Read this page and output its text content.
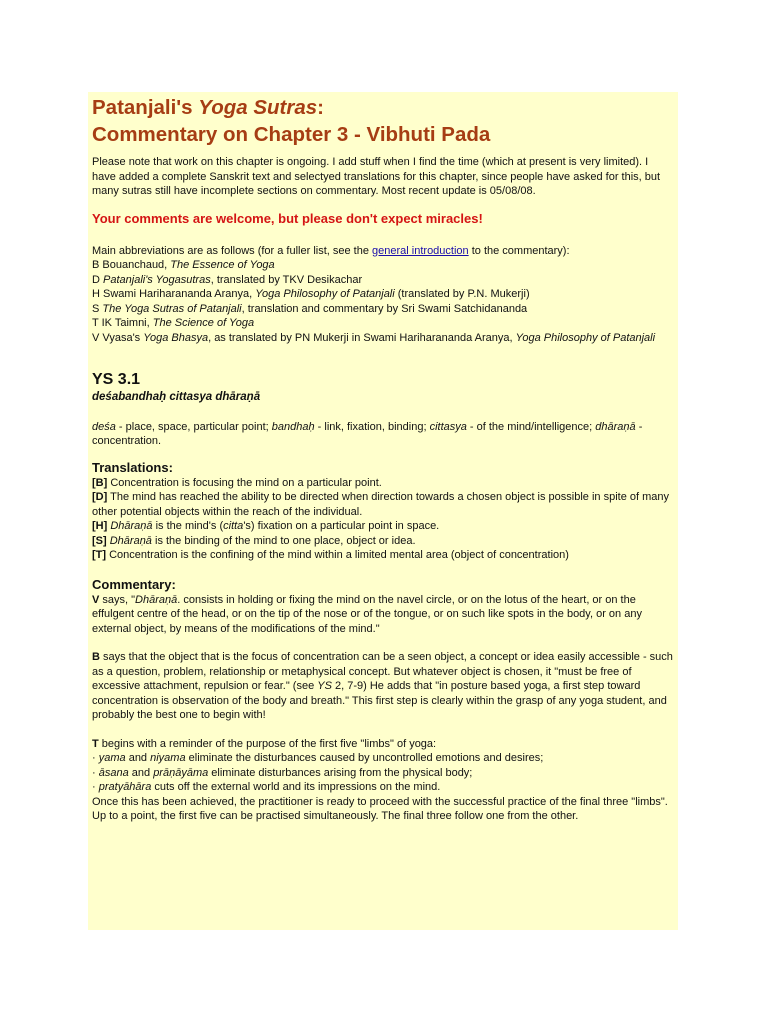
Patanjali's Yoga Sutras:
Commentary on Chapter 3 - Vibhuti Pada

Please note that work on this chapter is ongoing. I add stuff when I find the time (which at present is very limited). I have added a complete Sanskrit text and selectyed translations for this chapter, since people have asked for this, but many sutras still have incomplete sections on commentary. Most recent update is 05/08/08.

Your comments are welcome, but please don't expect miracles!

Main abbreviations are as follows (for a fuller list, see the general introduction to the commentary):
B Bouanchaud, The Essence of Yoga
D Patanjali's Yogasutras, translated by TKV Desikachar
H Swami Hariharananda Aranya, Yoga Philosophy of Patanjali (translated by P.N. Mukerji)
S The Yoga Sutras of Patanjali, translation and commentary by Sri Swami Satchidananda
T IK Taimni, The Science of Yoga
V Vyasa's Yoga Bhasya, as translated by PN Mukerji in Swami Hariharananda Aranya, Yoga Philosophy of Patanjali
YS 3.1
deśabandhaḥ cittasya dhāraṇā

deśa - place, space, particular point; bandhaḥ - link, fixation, binding; cittasya - of the mind/intelligence; dhāraṇā - concentration.

Translations:
[B] Concentration is focusing the mind on a particular point.
[D] The mind has reached the ability to be directed when direction towards a chosen object is possible in spite of many other potential objects within the reach of the individual.
[H] Dhāraṇā is the mind's (citta's) fixation on a particular point in space.
[S] Dhāraṇā is the binding of the mind to one place, object or idea.
[T] Concentration is the confining of the mind within a limited mental area (object of concentration)
Commentary:

V says, "Dhāraṇā. consists in holding or fixing the mind on the navel circle, or on the lotus of the heart, or on the effulgent centre of the head, or on the tip of the nose or of the tongue, or on such like spots in the body, or on any external object, by means of the modifications of the mind."

B says that the object that is the focus of concentration can be a seen object, a concept or idea easily accessible - such as a question, problem, relationship or metaphysical concept. But whatever object is chosen, it "must be free of excessive attachment, repulsion or fear." (see YS 2, 7-9) He adds that "in posture based yoga, a first step toward concentration is observation of the body and breath." This first step is clearly within the grasp of any yoga student, and probably the best one to begin with!

T begins with a reminder of the purpose of the first five "limbs" of yoga:
· yama and niyama eliminate the disturbances caused by uncontrolled emotions and desires;
· āsana and prāṇāyāma eliminate disturbances arising from the physical body;
· pratyāhāra cuts off the external world and its impressions on the mind.
Once this has been achieved, the practitioner is ready to proceed with the successful practice of the final three "limbs". Up to a point, the first five can be practised simultaneously. The final three follow one from the other.
